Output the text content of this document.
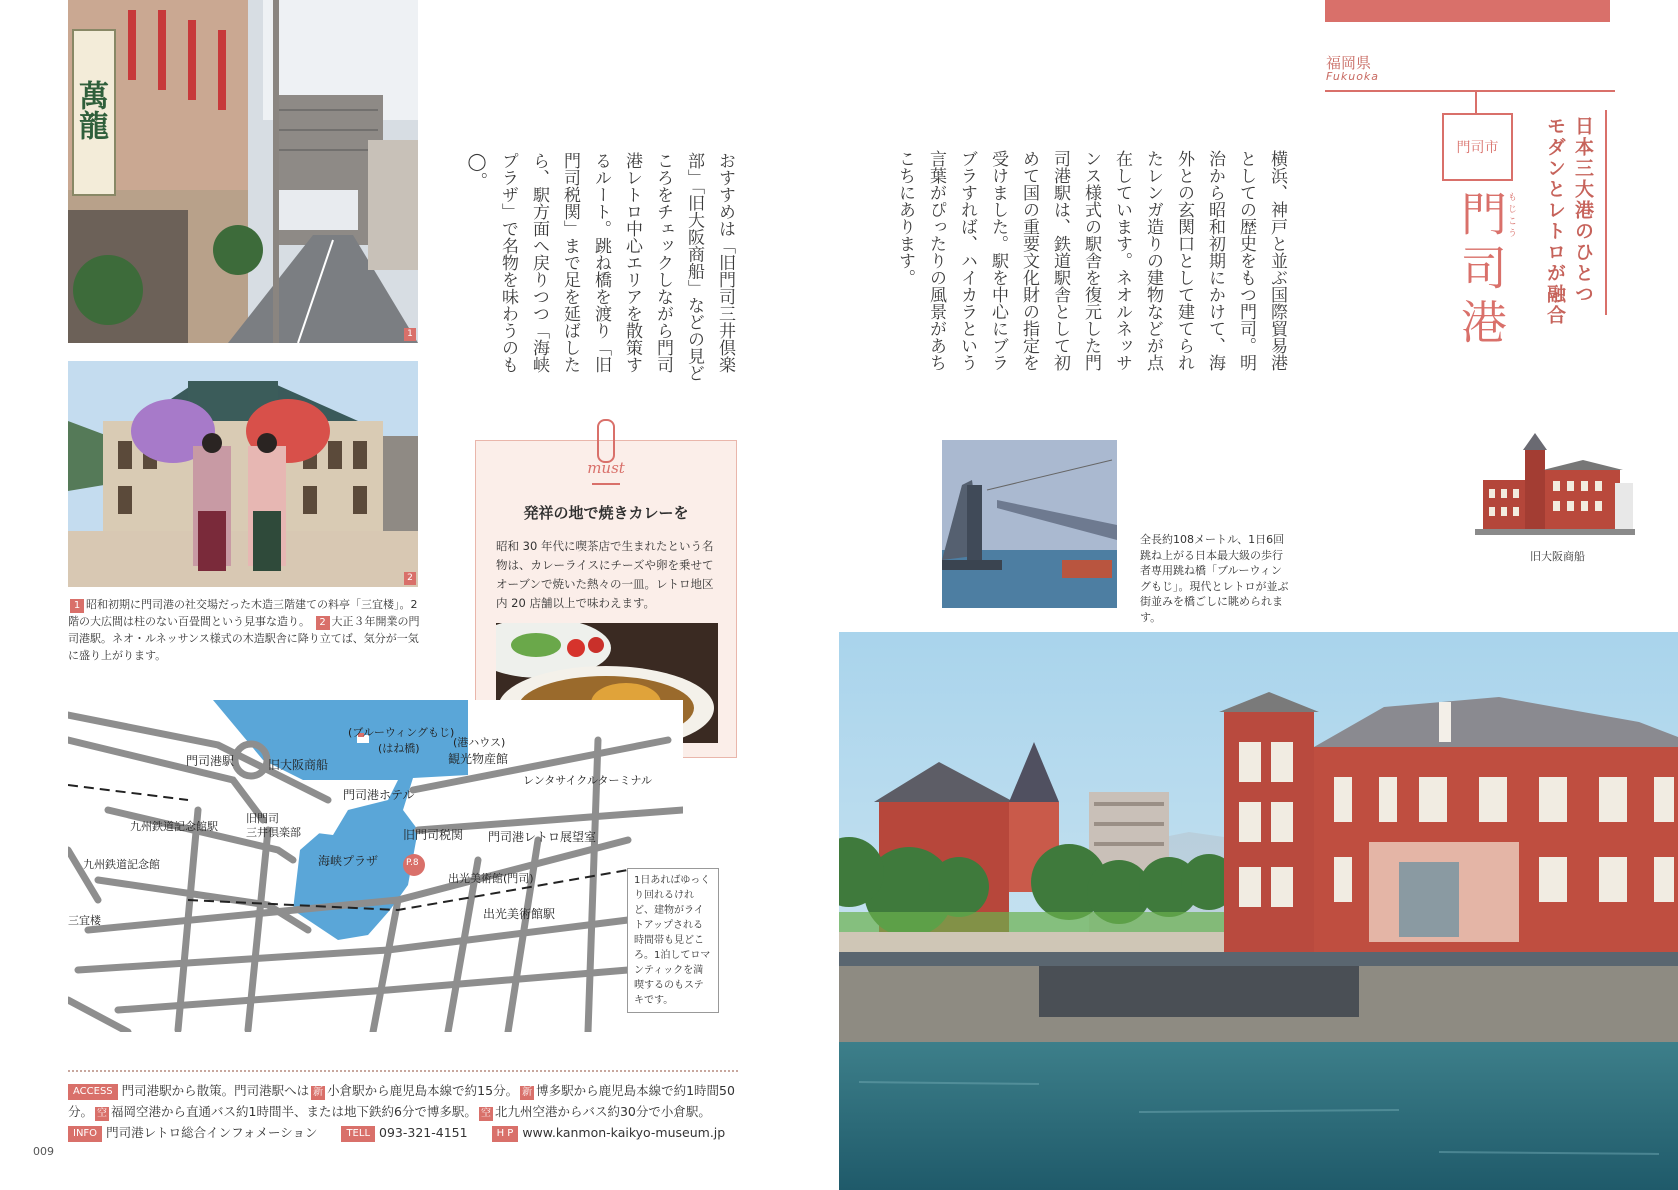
福岡県
Fukuoka
門司市
もじこう
門司港	日本三大港のひとつ
モダンとレトロが融合
横浜、神戸と並ぶ国際貿易港としての歴史をもつ門司。明治から昭和初期にかけて、海外との玄関口として建てられたレンガ造りの建物などが点在しています。ネオルネッサンス様式の駅舎を復元した門司港駅は、鉄道駅舎として初めて国の重要文化財の指定を受けました。駅を中心にブラブラすれば、ハイカラという言葉がぴったりの風景があちこちにあります。
旧大阪商船
全長約108メートル、1日6回跳ね上がる日本最大級の歩行者専用跳ね橋「ブルーウィングもじ」。現代とレトロが並ぶ街並みを橋ごしに眺められます。
萬龍
1
2
1 昭和初期に門司港の社交場だった木造三階建ての料亭「三宜楼」。2階の大広間は柱のない百畳間という見事な造り。 2 大正３年開業の門司港駅。ネオ・ルネッサンス様式の木造駅舎に降り立てば、気分が一気に盛り上がります。
おすすめは「旧門司三井倶楽部」「旧大阪商船」などの見どころをチェックしながら門司港レトロ中心エリアを散策するルート。跳ね橋を渡り「旧門司税関」まで足を延ばしたら、駅方面へ戻りつつ「海峡プラザ」で名物を味わうのも◯。
must
発祥の地で焼きカレーを
昭和 30 年代に喫茶店で生まれたという名物は、カレーライスにチーズや卵を乗せてオーブンで焼いた熱々の一皿。レトロ地区内 20 店舗以上で味わえます。
(ブルーウィングもじ)
(はね橋)	(港ハウス)
観光物産館
門司港駅	旧大阪商船
レンタサイクルターミナル
門司港ホテル
九州鉄道記念館駅
旧門司
三井倶楽部	旧門司税関 門司港レトロ展望室
九州鉄道記念館	海峡プラザ	P.8
出光美術館(門司)
出光美術館駅
三宜楼
1日あればゆっくり回れるけれど、建物がライトアップされる時間帯も見どころ。1泊してロマンティックを満喫するのもステキです。
ACCESS 門司港駅から散策。門司港駅へは 新 小倉駅から鹿児島本線で約15分。 新 博多駅から鹿児島本線で約1時間50
分。 空 福岡空港から直通バス約1時間半、または地下鉄約6分で博多駅。 空 北九州空港からバス約30分で小倉駅。
INFO 門司港レトロ総合インフォメーション	TELL 093-321-4151	H P www.kanmon-kaikyo-museum.jp
009
